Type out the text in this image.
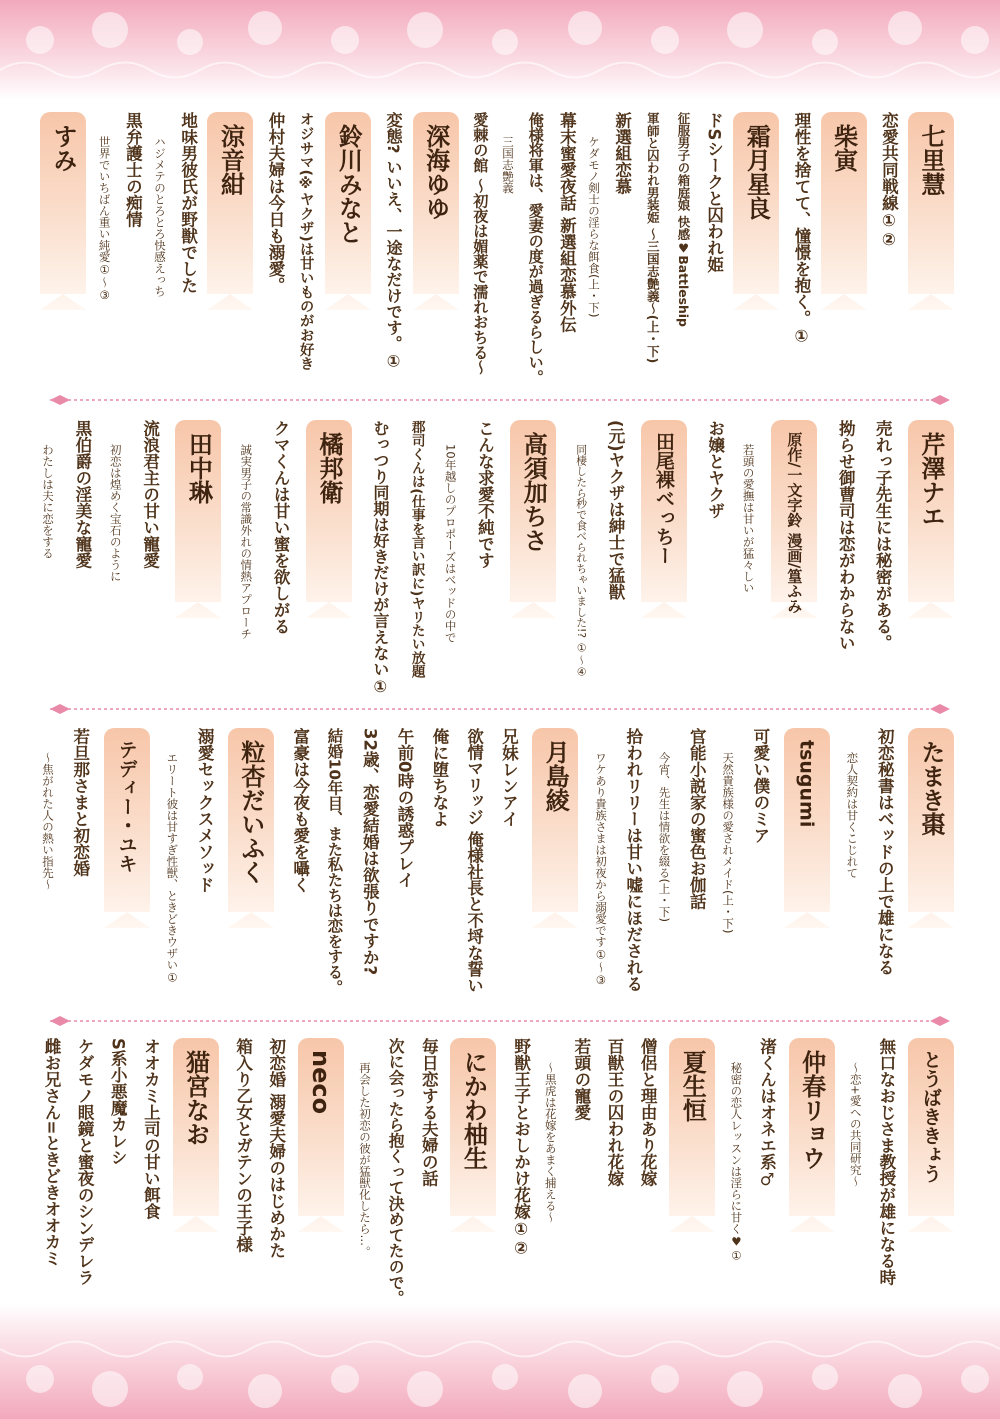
七里慧
恋愛共同戦線①②
柴寅
理性を捨てて、憧憬を抱く。①
霜月星良
ドSシークと囚われ姫
征服男子の箱庭娘 快感♥Battleship
軍師と囚われ男装姫 〜三国志艶義〜(上・下)
新選組恋慕
ケダモノ剣士の淫らな餌食(上・下)
幕末蜜愛夜話 新選組恋慕外伝
俺様将軍は、愛妻の度が過ぎるらしい。
三国志艶義
愛棘の館 〜初夜は媚薬で濡れおちる〜
深海ゆゆ
変態? いいえ、一途なだけです。①
鈴川みなと
オジサマ(※ヤクザ)は甘いものがお好き
仲村夫婦は今日も溺愛。
涼音紺
地味男彼氏が野獣でした
ハジメテのとろとろ快感えっち
黒弁護士の痴情
世界でいちばん重い純愛①〜③
すみ
芹澤ナエ
売れっ子先生には秘密がある。
拗らせ御曹司は恋がわからない
原作/一文字鈴 漫画/篁ふみ
若頭の愛撫は甘いが猛々しい
お嬢とヤクザ
田尾裸べっちー
(元)ヤクザは紳士で猛獣
同棲したら秒で食べられちゃいました!? ①〜④
高須加ちさ
こんな求愛不純です
10年越しのプロポーズはベッドの中で
郡司くんは(仕事を言い訳に)ヤリたい放題
むっつり同期は好きだけが言えない①
橘邦衛
クマくんは甘い蜜を欲しがる
誠実男子の常識外れの情熱アプローチ
田中琳
流浪君主の甘い寵愛
初恋は煌めく宝石のように
黒伯爵の淫美な寵愛
わたしは夫に恋をする
たまき棗
初恋秘書はベッドの上で雄になる
恋人契約は甘くこじれて
tsugumi
可愛い僕のミア
天然貴族様の愛されメイド(上・下)
官能小説家の蜜色お伽話
今宵、先生は情欲を綴る(上・下)
拾われリリーは甘い嘘にほだされる
ワケあり貴族さまは初夜から溺愛です①〜③
月島綾
兄妹レンアイ
欲情マリッジ 俺様社長と不埒な誓い
俺に堕ちなよ
午前0時の誘惑プレイ
32歳、恋愛結婚は欲張りですか?
結婚10年目、また私たちは恋をする。
富豪は今夜も愛を囁く
粒杏だいふく
溺愛セックスメソッド
エリート彼は甘すぎ性獣、ときどきウザい①
テディー・ユキ
若旦那さまと初恋婚
〜焦がれた人の熱い指先〜
とうばききょう
無口なおじさま教授が雄になる時
〜恋+愛への共同研究〜
仲春リョウ
渚くんはオネエ系♂
秘密の恋人レッスンは淫らに甘く♥①
夏生恒
僧侶と理由あり花嫁
百獣王の囚われ花嫁
若頭の寵愛
〜黒虎は花嫁をあまく捕える〜
野獣王子とおしかけ花嫁①②
にかわ柚生
毎日恋する夫婦の話
次に会ったら抱くって決めてたので。
再会した初恋の彼が猛獣化したら…。
neco
初恋婚 溺愛夫婦のはじめかた
箱入り乙女とガテンの王子様
猫宮なお
オオカミ上司の甘い餌食
S系小悪魔カレシ
ケダモノ眼鏡と蜜夜のシンデレラ
雌お兄さん=ときどきオオカミ
